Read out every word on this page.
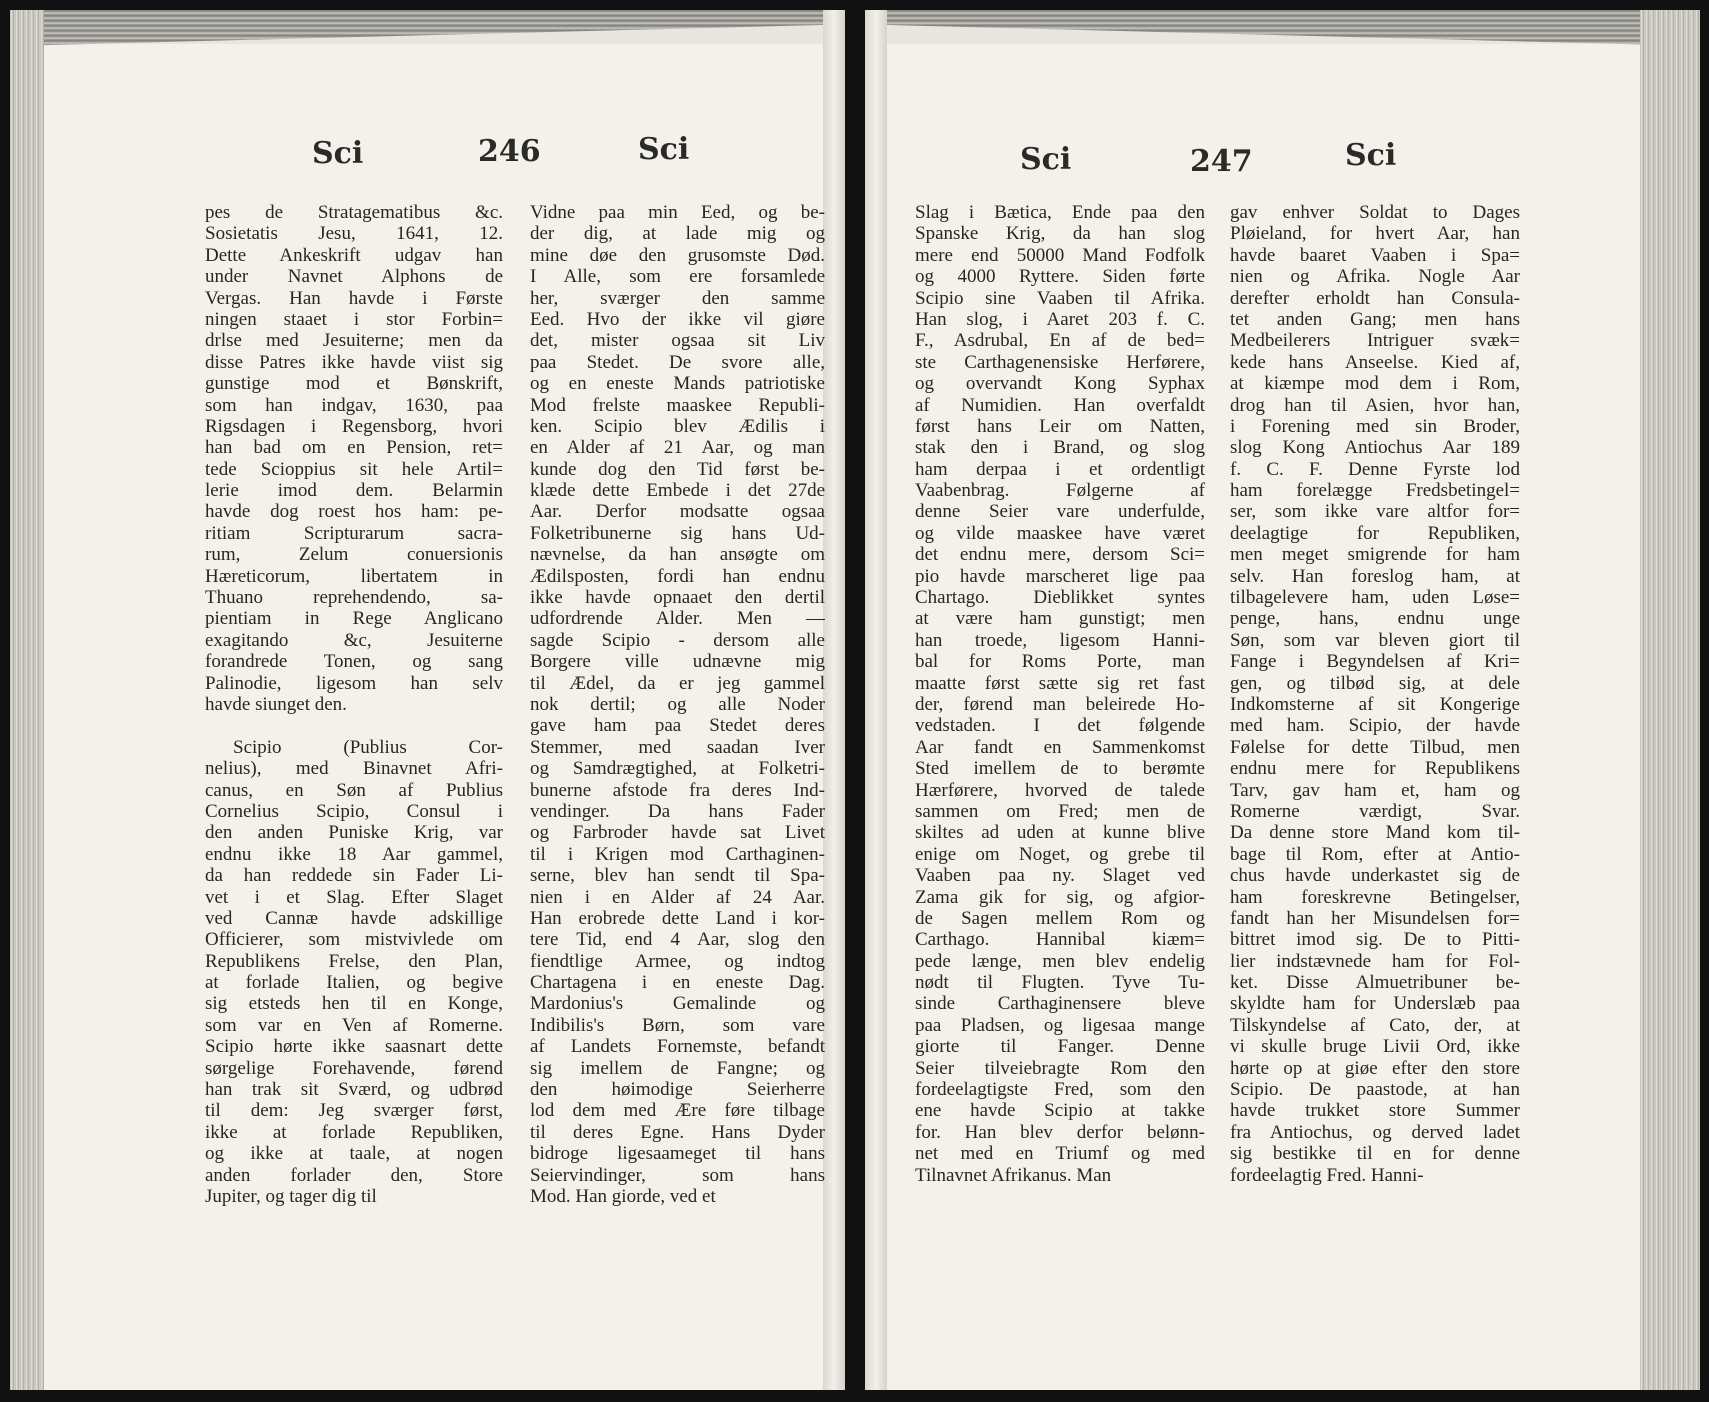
Sci	246	Sci
pes de Stratagematibus &c.
Sosietatis Jesu, 1641, 12.
Dette Ankeskrift udgav han
under Navnet Alphons de
Vergas. Han havde i Første
ningen staaet i stor Forbin=
drlse med Jesuiterne; men da
disse Patres ikke havde viist sig
gunstige mod et Bønskrift,
som han indgav, 1630, paa
Rigsdagen i Regensborg, hvori
han bad om en Pension, ret=
tede Scioppius sit hele Artil=
lerie imod dem. Belarmin
havde dog roest hos ham: pe-
ritiam Scripturarum sacra-
rum, Zelum conuersionis
Hæreticorum, libertatem in
Thuano reprehendendo, sa-
pientiam in Rege Anglicano
exagitando &c, Jesuiterne
forandrede Tonen, og sang
Palinodie, ligesom han selv
havde siunget den.
Scipio (Publius Cor-
nelius), med Binavnet Afri-
canus, en Søn af Publius
Cornelius Scipio, Consul i
den anden Puniske Krig, var
endnu ikke 18 Aar gammel,
da han reddede sin Fader Li-
vet i et Slag. Efter Slaget
ved Cannæ havde adskillige
Officierer, som mistvivlede om
Republikens Frelse, den Plan,
at forlade Italien, og begive
sig etsteds hen til en Konge,
som var en Ven af Romerne.
Scipio hørte ikke saasnart dette
sørgelige Forehavende, førend
han trak sit Sværd, og udbrød
til dem: Jeg sværger først,
ikke at forlade Republiken,
og ikke at taale, at nogen
anden forlader den, Store
Jupiter, og tager dig til
Vidne paa min Eed, og be-
der dig, at lade mig og
mine døe den grusomste Død.
I Alle, som ere forsamlede
her, sværger den samme
Eed. Hvo der ikke vil giøre
det, mister ogsaa sit Liv
paa Stedet. De svore alle,
og en eneste Mands patriotiske
Mod frelste maaskee Republi-
ken. Scipio blev Ædilis i
en Alder af 21 Aar, og man
kunde dog den Tid først be-
klæde dette Embede i det 27de
Aar. Derfor modsatte ogsaa
Folketribunerne sig hans Ud-
nævnelse, da han ansøgte om
Ædilsposten, fordi han endnu
ikke havde opnaaet den dertil
udfordrende Alder. Men —
sagde Scipio - dersom alle
Borgere ville udnævne mig
til Ædel, da er jeg gammel
nok dertil; og alle Noder
gave ham paa Stedet deres
Stemmer, med saadan Iver
og Samdrægtighed, at Folketri-
bunerne afstode fra deres Ind-
vendinger. Da hans Fader
og Farbroder havde sat Livet
til i Krigen mod Carthaginen-
serne, blev han sendt til Spa-
nien i en Alder af 24 Aar.
Han erobrede dette Land i kor-
tere Tid, end 4 Aar, slog den
fiendtlige Armee, og indtog
Chartagena i en eneste Dag.
Mardonius's Gemalinde og
Indibilis's Børn, som vare
af Landets Fornemste, befandt
sig imellem de Fangne; og
den høimodige Seierherre
lod dem med Ære føre tilbage
til deres Egne. Hans Dyder
bidroge ligesaameget til hans
Seiervindinger, som hans
Mod. Han giorde, ved et
Sci	247	Sci
Slag i Bætica, Ende paa den
Spanske Krig, da han slog
mere end 50000 Mand Fodfolk
og 4000 Ryttere. Siden førte
Scipio sine Vaaben til Afrika.
Han slog, i Aaret 203 f. C.
F., Asdrubal, En af de bed=
ste Carthagenensiske Herførere,
og overvandt Kong Syphax
af Numidien. Han overfaldt
først hans Leir om Natten,
stak den i Brand, og slog
ham derpaa i et ordentligt
Vaabenbrag. Følgerne af
denne Seier vare underfulde,
og vilde maaskee have været
det endnu mere, dersom Sci=
pio havde marscheret lige paa
Chartago. Dieblikket syntes
at være ham gunstigt; men
han troede, ligesom Hanni-
bal for Roms Porte, man
maatte først sætte sig ret fast
der, førend man beleirede Ho-
vedstaden. I det følgende
Aar fandt en Sammenkomst
Sted imellem de to berømte
Hærførere, hvorved de talede
sammen om Fred; men de
skiltes ad uden at kunne blive
enige om Noget, og grebe til
Vaaben paa ny. Slaget ved
Zama gik for sig, og afgior-
de Sagen mellem Rom og
Carthago. Hannibal kiæm=
pede længe, men blev endelig
nødt til Flugten. Tyve Tu-
sinde Carthaginensere bleve
paa Pladsen, og ligesaa mange
giorte til Fanger. Denne
Seier tilveiebragte Rom den
fordeelagtigste Fred, som den
ene havde Scipio at takke
for. Han blev derfor belønn-
net med en Triumf og med
Tilnavnet Afrikanus. Man
gav enhver Soldat to Dages
Pløieland, for hvert Aar, han
havde baaret Vaaben i Spa=
nien og Afrika. Nogle Aar
derefter erholdt han Consula-
tet anden Gang; men hans
Medbeilerers Intriguer svæk=
kede hans Anseelse. Kied af,
at kiæmpe mod dem i Rom,
drog han til Asien, hvor han,
i Forening med sin Broder,
slog Kong Antiochus Aar 189
f. C. F. Denne Fyrste lod
ham forelægge Fredsbetingel=
ser, som ikke vare altfor for=
deelagtige for Republiken,
men meget smigrende for ham
selv. Han foreslog ham, at
tilbagelevere ham, uden Løse=
penge, hans, endnu unge
Søn, som var bleven giort til
Fange i Begyndelsen af Kri=
gen, og tilbød sig, at dele
Indkomsterne af sit Kongerige
med ham. Scipio, der havde
Følelse for dette Tilbud, men
endnu mere for Republikens
Tarv, gav ham et, ham og
Romerne værdigt, Svar.
Da denne store Mand kom til-
bage til Rom, efter at Antio-
chus havde underkastet sig de
ham foreskrevne Betingelser,
fandt han her Misundelsen for=
bittret imod sig. De to Pitti-
lier indstævnede ham for Fol-
ket. Disse Almuetribuner be-
skyldte ham for Underslæb paa
Tilskyndelse af Cato, der, at
vi skulle bruge Livii Ord, ikke
hørte op at giøe efter den store
Scipio. De paastode, at han
havde trukket store Summer
fra Antiochus, og derved ladet
sig bestikke til en for denne
fordeelagtig Fred. Hanni-
